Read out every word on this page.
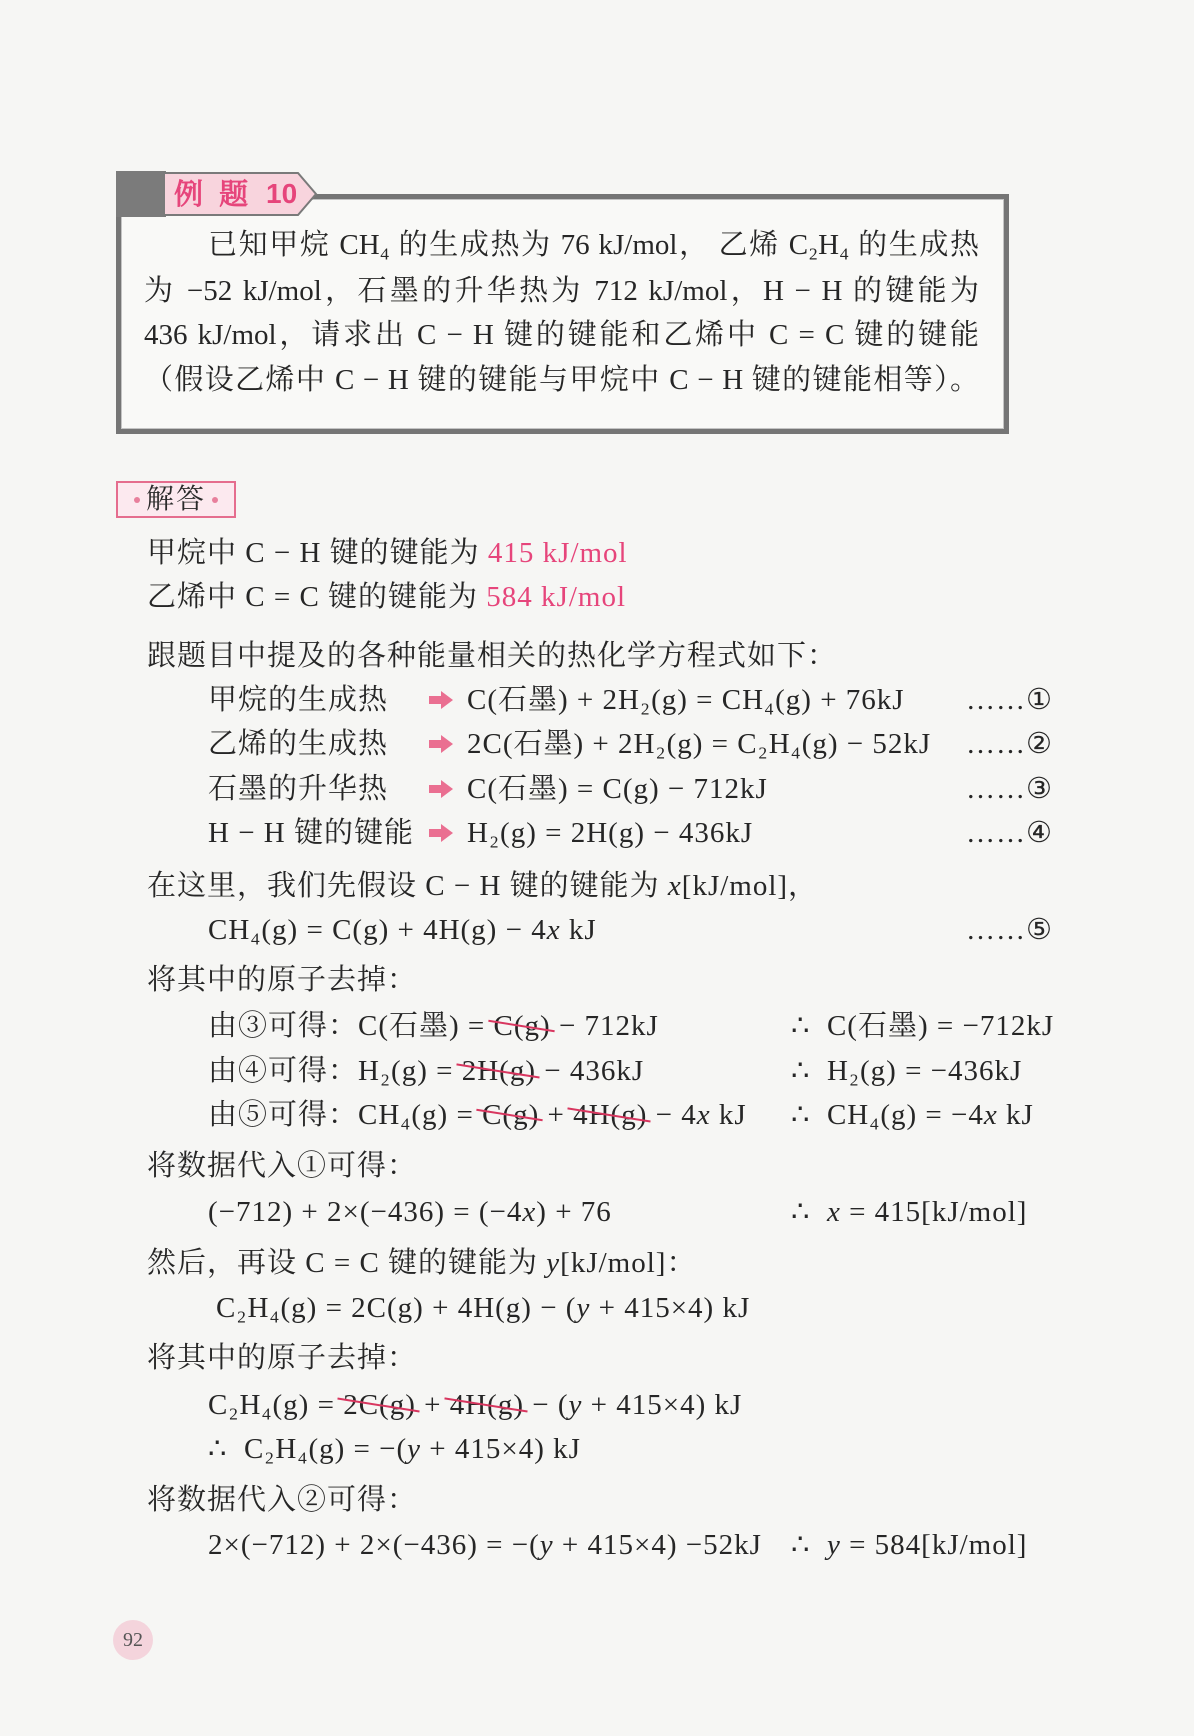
已知甲烷 CH₄ 的生成热为 76 kJ/mol， 乙烯 C₂H₄ 的生成热
为 −52 kJ/mol，石墨的升华热为 712 kJ/mol，H − H 的键能为
436 kJ/mol，请求出 C − H 键的键能和乙烯中 C = C 键的键能
（假设乙烯中 C − H 键的键能与甲烷中 C − H 键的键能相等）。
例 题 10
解答
甲烷中 C − H 键的键能为 415 kJ/mol
乙烯中 C = C 键的键能为 584 kJ/mol
跟题目中提及的各种能量相关的热化学方程式如下：
甲烷的生成热	C(石墨) + 2H₂(g) = CH₄(g) + 76kJ ……①
乙烯的生成热	2C(石墨) + 2H₂(g) = C₂H₄(g) − 52kJ ……②
石墨的升华热	C(石墨) = C(g) − 712kJ	……③
H − H 键的键能 H₂(g) = 2H(g) − 436kJ	……④
在这里，我们先假设 C − H 键的键能为 x[kJ/mol]，
CH₄(g) = C(g) + 4H(g) − 4x kJ	……⑤
将其中的原子去掉：
由③可得：C(石墨) = C(g) − 712kJ	∴  C(石墨) = −712kJ
由④可得：H₂(g) = 2H(g) − 436kJ	∴  H₂(g) = −436kJ
由⑤可得：CH₄(g) = C(g) + 4H(g) − 4x kJ ∴  CH₄(g) = −4x kJ
将数据代入①可得：
(−712) + 2×(−436) = (−4x) + 76	∴  x = 415[kJ/mol]
然后，再设 C = C 键的键能为 y[kJ/mol]：
C₂H₄(g) = 2C(g) + 4H(g) − (y + 415×4) kJ
将其中的原子去掉：
C₂H₄(g) = 2C(g) + 4H(g) − (y + 415×4) kJ
∴  C₂H₄(g) = −(y + 415×4) kJ
将数据代入②可得：
2×(−712) + 2×(−436) = −(y + 415×4) −52kJ ∴  y = 584[kJ/mol]
92
